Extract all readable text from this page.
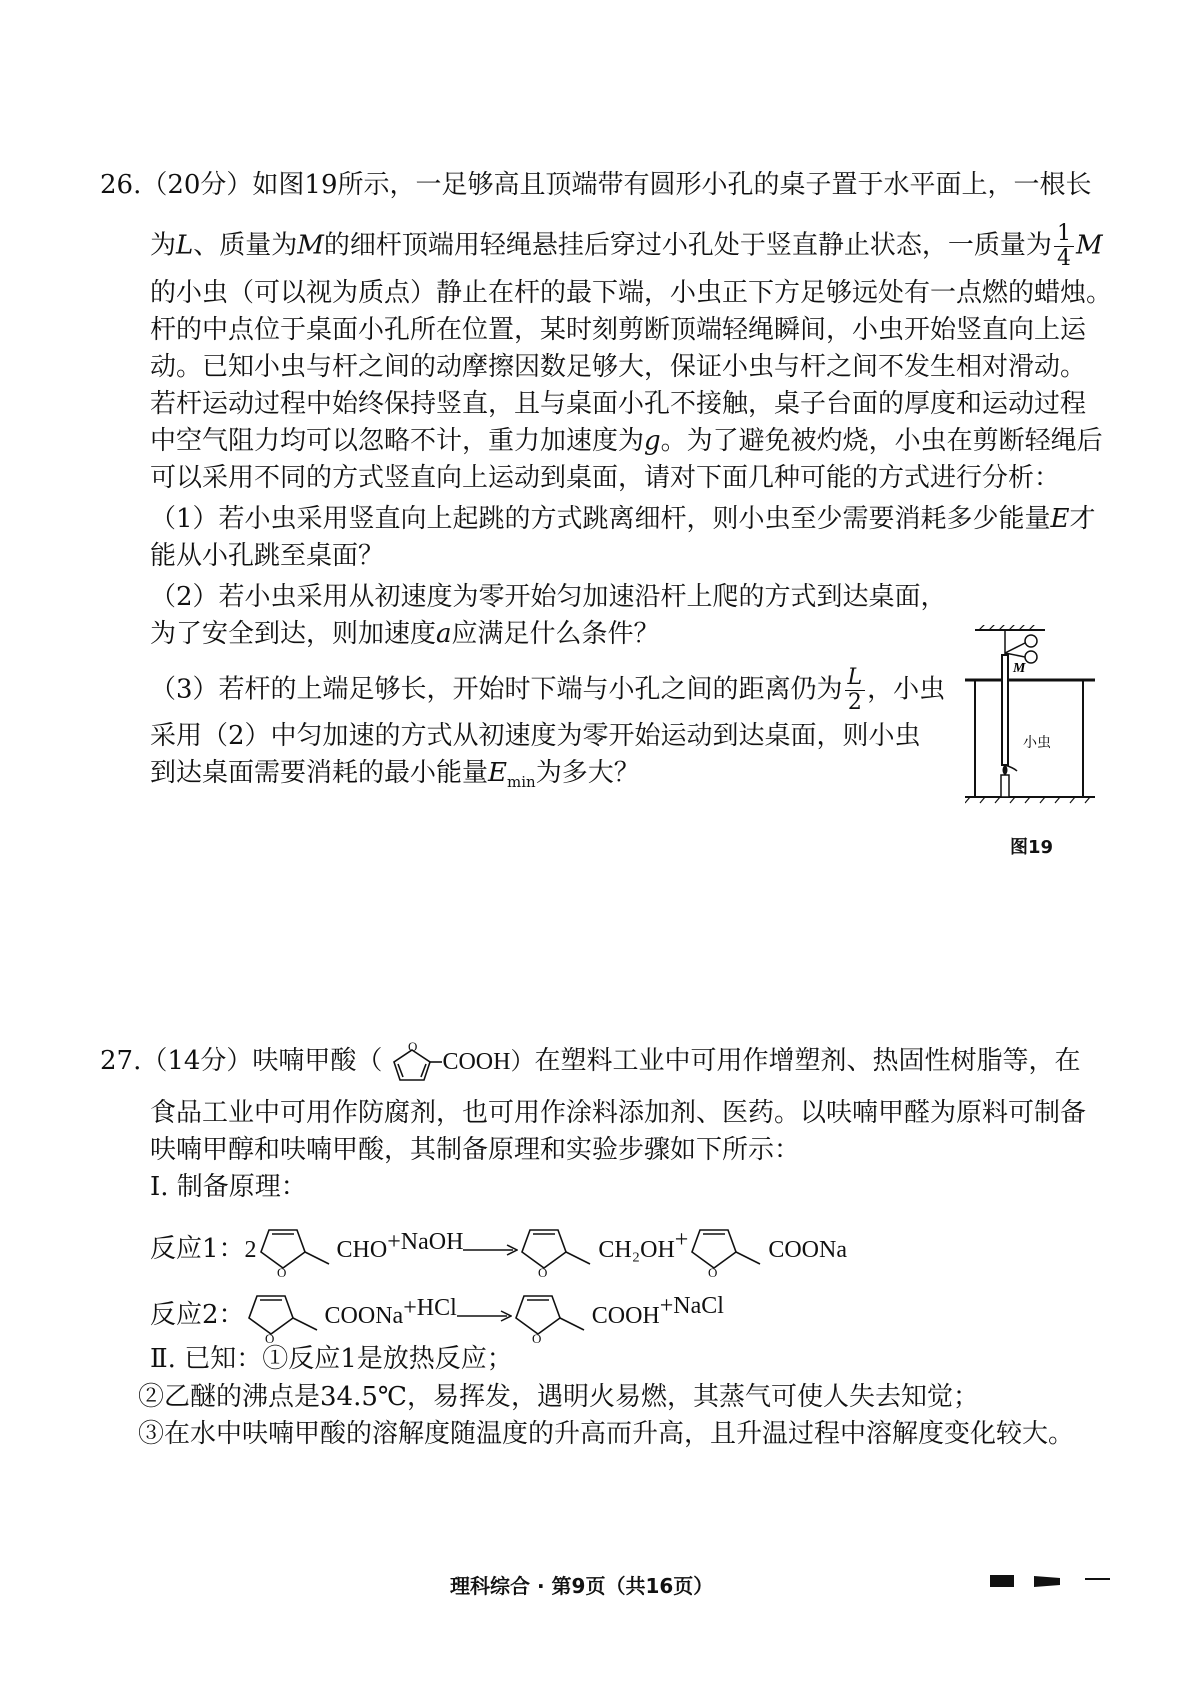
26.（20分）如图19所示，一足够高且顶端带有圆形小孔的桌子置于水平面上，一根长
为L、质量为M的细杆顶端用轻绳悬挂后穿过小孔处于竖直静止状态，一质量为 $\frac{1}{4}$ M
的小虫（可以视为质点）静止在杆的最下端，小虫正下方足够远处有一点燃的蜡烛。
杆的中点位于桌面小孔所在位置，某时刻剪断顶端轻绳瞬间，小虫开始竖直向上运
动。已知小虫与杆之间的动摩擦因数足够大，保证小虫与杆之间不发生相对滑动。
若杆运动过程中始终保持竖直，且与桌面小孔不接触，桌子台面的厚度和运动过程
中空气阻力均可以忽略不计，重力加速度为g。为了避免被灼烧，小虫在剪断轻绳后
可以采用不同的方式竖直向上运动到桌面，请对下面几种可能的方式进行分析：
（1）若小虫采用竖直向上起跳的方式跳离细杆，则小虫至少需要消耗多少能量E才
能从小孔跳至桌面？
（2）若小虫采用从初速度为零开始匀加速沿杆上爬的方式到达桌面，
为了安全到达，则加速度a应满足什么条件？
（3）若杆的上端足够长，开始时下端与小孔之间的距离仍为 $\frac{L}{2}$ ，小虫
采用（2）中匀加速的方式从初速度为零开始运动到达桌面，则小虫
到达桌面需要消耗的最小能量$E_{min}$为多大？
M
小虫
图19
27.（14分）呋喃甲酸（ O
COOH）在塑料工业中可用作增塑剂、热固性树脂等，在
食品工业中可用作防腐剂，也可用作涂料添加剂、医药。以呋喃甲醛为原料可制备
呋喃甲醇和呋喃甲酸，其制备原理和实验步骤如下所示：
Ⅰ. 制备原理：
反应1：2
O
CHO+NaOH→
O
CH₂OH+
O
COONa
反应2：
O
COONa+HCl→
O
COOH+NaCl
Ⅱ. 已知：①反应1是放热反应；
②乙醚的沸点是34.5℃，易挥发，遇明火易燃，其蒸气可使人失去知觉；
③在水中呋喃甲酸的溶解度随温度的升高而升高，且升温过程中溶解度变化较大。
理科综合 · 第9页（共16页）
